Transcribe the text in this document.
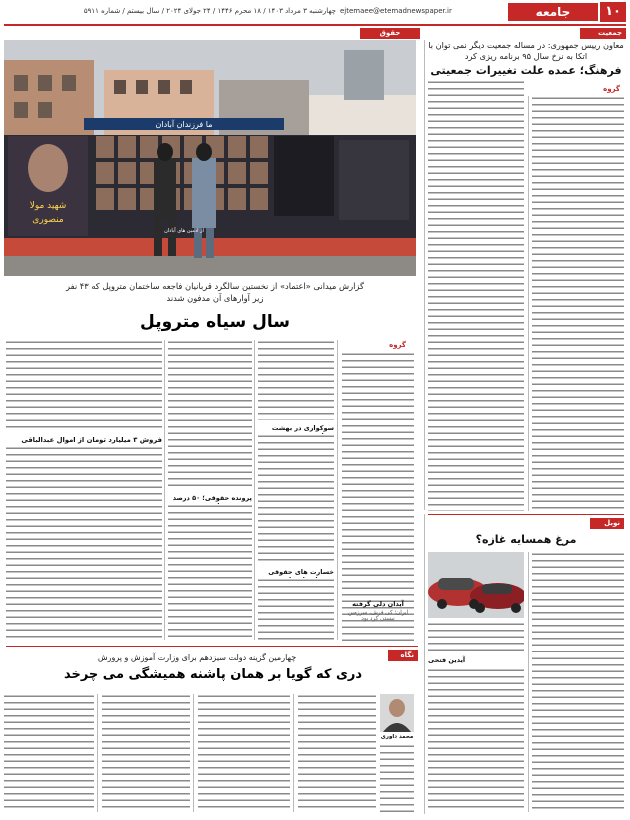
۱۰
جامعه
ejtemaee@etemadnewspaper.ir
چهارشنبه ۳ مرداد ۱۴۰۳ / ۱۸ محرم ۱۴۴۶ / ۲۴ جولای ۲۰۲۴ / سال بیستم / شماره ۵۹۱۱
جمعیت
معاون رییس جمهوری: در مساله جمعیت دیگر نمی توان با اتکا به نرخ سال ۹۵ برنامه ریزی کرد
فرهنگ؛ عمده علت تغییرات جمعیتی
گروه
حقوق
ما فرزندان آبادان
شهید مولا
منصوری
از ادمین های آبادان
گزارش میدانی «اعتماد» از نخستین سالگرد قربانیان فاجعه ساختمان متروپل که ۴۳ نفر زیر آوارهای آن مدفون شدند
سال سیاه متروپل
گروه
سوکواری در بهشت
خسارت های حقوقی
پرونده حقوقی؛ ۵۰ درصد
فروش ۳ میلیارد تومان از اموال عبدالباقی
آیدان دلی گرفته
ایران؛ کی فرش، سرزمین نیستی کرد بود
نوبل
مرغ همسایه غازه؟
آیدین فتحی
نگاه
چهارمین گزینه دولت سیزدهم برای وزارت آموزش و پرورش
دری که گویا بر همان پاشنه همیشگی می چرخد
محمد داوری
